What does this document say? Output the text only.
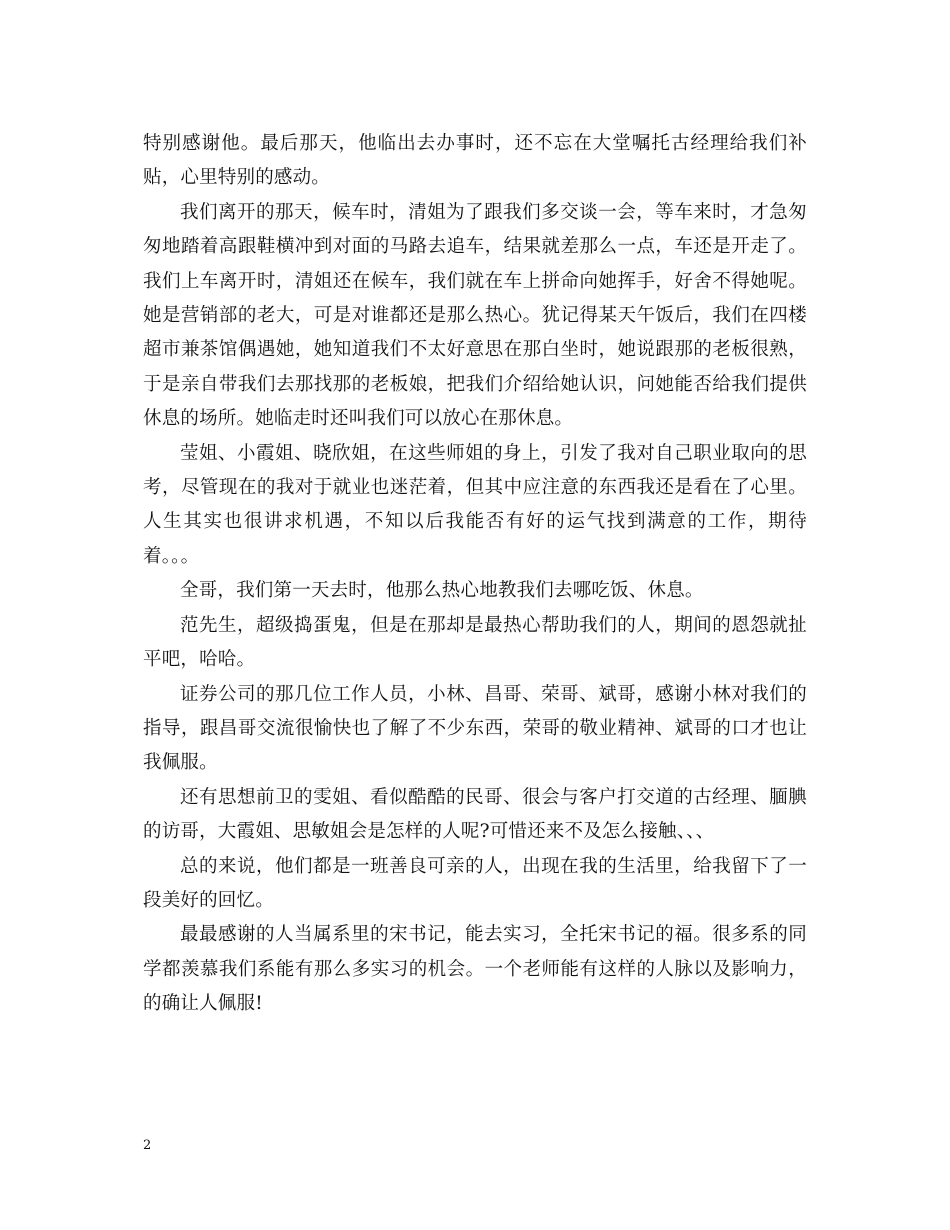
特别感谢他。最后那天，他临出去办事时，还不忘在大堂嘱托古经理给我们补贴，心里特别的感动。

我们离开的那天，候车时，清姐为了跟我们多交谈一会，等车来时，才急匆匆地踏着高跟鞋横冲到对面的马路去追车，结果就差那么一点，车还是开走了。我们上车离开时，清姐还在候车，我们就在车上拼命向她挥手，好舍不得她呢。她是营销部的老大，可是对谁都还是那么热心。犹记得某天午饭后，我们在四楼超市兼茶馆偶遇她，她知道我们不太好意思在那白坐时，她说跟那的老板很熟，于是亲自带我们去那找那的老板娘，把我们介绍给她认识，问她能否给我们提供休息的场所。她临走时还叫我们可以放心在那休息。

莹姐、小霞姐、晓欣姐，在这些师姐的身上，引发了我对自己职业取向的思考，尽管现在的我对于就业也迷茫着，但其中应注意的东西我还是看在了心里。人生其实也很讲求机遇，不知以后我能否有好的运气找到满意的工作，期待着。。。

全哥，我们第一天去时，他那么热心地教我们去哪吃饭、休息。

范先生，超级捣蛋鬼，但是在那却是最热心帮助我们的人，期间的恩怨就扯平吧，哈哈。

证券公司的那几位工作人员，小林、昌哥、荣哥、斌哥，感谢小林对我们的指导，跟昌哥交流很愉快也了解了不少东西，荣哥的敬业精神、斌哥的口才也让我佩服。

还有思想前卫的雯姐、看似酷酷的民哥、很会与客户打交道的古经理、腼腆的访哥，大霞姐、思敏姐会是怎样的人呢?可惜还来不及怎么接触、、、

总的来说，他们都是一班善良可亲的人，出现在我的生活里，给我留下了一段美好的回忆。

最最感谢的人当属系里的宋书记，能去实习，全托宋书记的福。很多系的同学都羡慕我们系能有那么多实习的机会。一个老师能有这样的人脉以及影响力，的确让人佩服!

2
